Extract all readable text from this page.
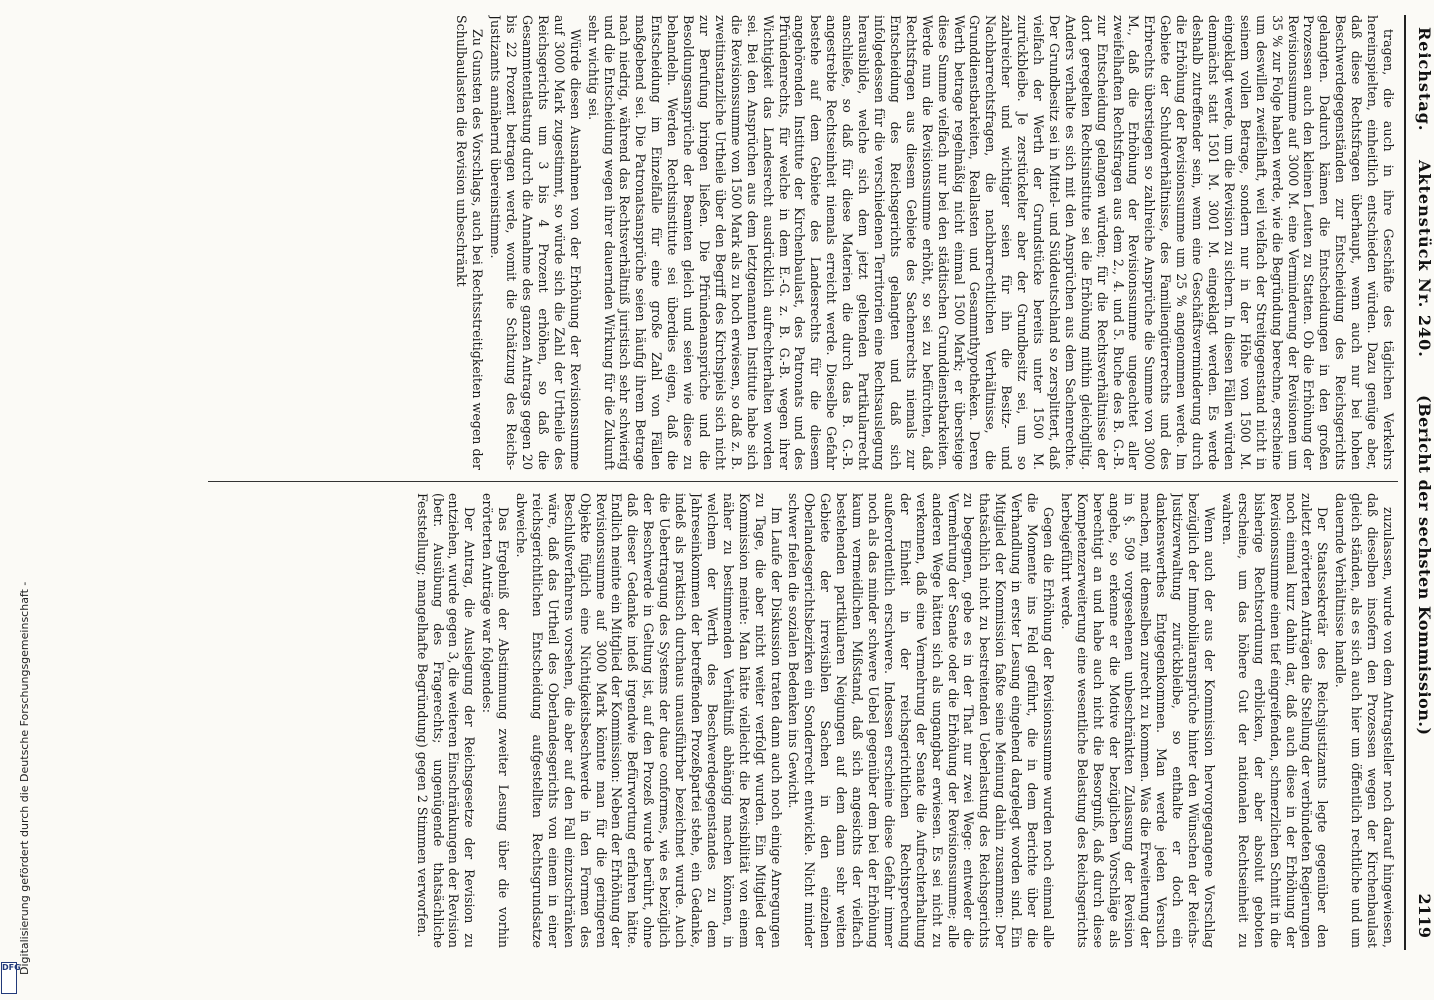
Reichstag.
Aktenstück Nr. 240.
(Bericht der sechsten Kommission.)
2119

tragen, die auch in ihre Geschäfte des täglichen Verkehrs hereinspielten, einheitlich entschieden würden. Dazu genüge aber, daß diese Rechtsfragen überhaupt, wenn auch nur bei hohen Beschwerdegegenständen zur Entscheidung des Reichsgerichts gelangten. Dadurch kämen die Entscheidungen in den großen Prozessen auch den kleinen Leuten zu Statten. Ob die Erhöhung der Revisionssumme auf 3000 M. eine Verminderung der Revisionen um 35 % zur Folge haben werde, wie die Begründung berechne, erscheine um deswillen zweifelhaft, weil vielfach der Streitgegenstand nicht in seinem vollen Betrage, sondern nur in der Höhe von 1500 M. eingeklagt werde, um die Revision zu sichern. In diesen Fällen würden demnächst statt 1501 M. 3001 M. eingeklagt werden. Es werde deshalb zutreffender sein, wenn eine Geschäftsverminderung durch die Erhöhung der Revisionssumme um 25 % angenommen werde. Im Gebiete der Schuldverhältnisse, des Familiengüterrechts und des Erbrechts überstiegen so zahlreiche Ansprüche die Summe von 3000 M., daß die Erhöhung der Revisionssumme ungeachtet aller zweifelhaften Rechtsfragen aus dem 2., 4. und 5. Buche des B. G.-B. zur Entscheidung gelangen würden; für die Rechtsverhältnisse der dort geregelten Rechtsinstitute sei die Erhöhung mithin gleichgiltig. Anders verhalte es sich mit den Ansprüchen aus dem Sachenrechte. Der Grundbesitz sei in Mittel- und Süddeutschland so zersplittert, daß vielfach der Werth der Grundstücke bereits unter 1500 M. zurückbleibe. Je zerstückelter aber der Grundbesitz sei, um so zahlreicher und wichtiger seien für ihn die Besitz- und Nachbarrechtsfragen, die nachbarrechtlichen Verhältnisse, die Grunddienstbarkeiten, Reallasten und Gesammthypotheken. Deren Werth betrage regelmäßig nicht einmal 1500 Mark; er übersteige diese Summe vielfach nur bei den städtischen Grunddienstbarkeiten. Werde nun die Revisionssumme erhöht, so sei zu befürchten, daß Rechtsfragen aus diesem Gebiete des Sachenrechts niemals zur Entscheidung des Reichsgerichts gelangten und daß sich infolgedessen für die verschiedenen Territorien eine Rechtsauslegung herausbilde, welche sich dem jetzt geltenden Partikularrecht anschließe, so daß für diese Materien die durch das B. G.-B. angestrebte Rechtseinheit niemals erreicht werde. Dieselbe Gefahr bestehe auf dem Gebiete des Landesrechts für die diesem angehörenden Institute der Kirchenbaulast, des Patronats und des Pfründenrechts, für welche in dem E.-G. z. B. G.-B. wegen ihrer Wichtigkeit das Landesrecht ausdrücklich aufrechterhalten worden sei. Bei den Ansprüchen aus dem letztgenannten Institute habe sich die Revisionssumme von 1500 Mark als zu hoch erwiesen, so daß z. B. zweitinstanzliche Urtheile über den Begriff des Kirchspiels sich nicht zur Berufung bringen ließen. Die Pfründenansprüche und die Besoldungsansprüche der Beamten gleich und seien wie diese zu behandeln. Werden Rechtsinstitute sei überdies eigen, daß die Entscheidung im Einzelfalle für eine große Zahl von Fällen maßgebend sei. Die Patronatsansprüche seien häufig ihrem Betrage nach niedrig, während das Rechtsverhältniß juristisch sehr schwierig und die Entscheidung wegen ihrer dauernden Wirkung für die Zukunft sehr wichtig sei.

Würde diesen Ausnahmen von der Erhöhung der Revisionssumme auf 3000 Mark zugestimmt, so würde sich die Zahl der Urtheile des Reichsgerichts um 3 bis 4 Prozent erhöhen, so daß die Gesammtentlastung durch die Annahme des ganzen Antrags gegen 20 bis 22 Prozent betragen werde, womit die Schätzung des Reichs-Justizamts annähernd übereinstimme.

Zu Gunsten des Vorschlags, auch bei Rechtsstreitigkeiten wegen der Schulbaulasten die Revision unbeschränkt

zuzulassen, wurde von dem Antragsteller noch darauf hingewiesen, daß dieselben insofern den Prozessen wegen der Kirchenbaulast gleich ständen, als es sich auch hier um öffentlich rechtliche und um dauernde Verhältnisse handle.

Der Staatssekretär des Reichsjustizamts legte gegenüber den zuletzt erörterten Anträgen die Stellung der verbündeten Regierungen noch einmal kurz dahin dar, daß auch diese in der Erhöhung der Revisionssumme einen tief eingreifenden, schmerzlichen Schnitt in die bisherige Rechtsordnung erblicken, der aber absolut geboten erscheine, um das höhere Gut der nationalen Rechtseinheit zu wahren.

Wenn auch der aus der Kommission hervorgegangene Vorschlag bezüglich der Immobiliaransprüche hinter den Wünschen der Reichs-Justizverwaltung zurückbleibe, so enthalte er doch ein dankenswerthes Entgegenkommen. Man werde jeden Versuch machen, mit demselben zurecht zu kommen. Was die Erweiterung der in §. 509 vorgesehenen unbeschränkten Zulassung der Revision angehe, so erkenne er die Motive der bezüglichen Vorschläge als berechtigt an und habe auch nicht die Besorgniß, daß durch diese Kompetenzerweiterung eine wesentliche Belastung des Reichsgerichts herbeigeführt werde.

Gegen die Erhöhung der Revisionssumme wurden noch einmal alle die Momente ins Feld geführt, die in dem Berichte über die Verhandlung in erster Lesung eingehend dargelegt worden sind. Ein Mitglied der Kommission faßte seine Meinung dahin zusammen: Der thatsächlich nicht zu bestreitenden Ueberlastung des Reichsgerichts zu begegnen, gebe es in der That nur zwei Wege: entweder die Vermehrung der Senate oder die Erhöhung der Revisionssumme; alle anderen Wege hätten sich als ungangbar erwiesen. Es sei nicht zu verkennen, daß eine Vermehrung der Senate die Aufrechterhaltung der Einheit in der reichsgerichtlichen Rechtsprechung außerordentlich erschwere. Indessen erscheine diese Gefahr immer noch als das minder schwere Uebel gegenüber dem bei der Erhöhung kaum vermeidlichen Mißstand, daß sich angesichts der vielfach bestehenden partikularen Neigungen auf dem dann sehr weiten Gebiete der irrevisiblen Sachen in den einzelnen Oberlandesgerichtsbezirken ein Sonderrecht entwickle. Nicht minder schwer fielen die sozialen Bedenken ins Gewicht.

Im Laufe der Diskussion traten dann auch noch einige Anregungen zu Tage, die aber nicht weiter verfolgt wurden. Ein Mitglied der Kommission meinte: Man hätte vielleicht die Revisibilität von einem näher zu bestimmenden Verhältniß abhängig machen können, in welchem der Werth des Beschwerdegegenstandes zu dem Jahreseinkommen der betreffenden Prozeßpartei stehe, ein Gedanke, indeß als praktisch durchaus unausführbar bezeichnet wurde. Auch die Uebertragung des Systems der duae conformes, wie es bezüglich der Beschwerde in Geltung ist, auf den Prozeß wurde berührt, ohne daß dieser Gedanke indeß irgendwie Befürwortung erfahren hätte. Endlich meinte ein Mitglied der Kommission: Neben der Erhöhung der Revisionssumme auf 3000 Mark könnte man für die geringeren Objekte füglich eine Nichtigkeitsbeschwerde in den Formen des Beschlußverfahrens vorsehen, die aber auf den Fall einzuschränken wäre, daß das Urtheil des Oberlandesgerichts von einem in einer reichsgerichtlichen Entscheidung aufgestellten Rechtsgrundsatze abweiche.

Das Ergebniß der Abstimmung zweiter Lesung über die vorhin erörterten Anträge war folgendes:

Der Antrag, die Auslegung der Reichsgesetze der Revision zu entziehen, wurde gegen 3, die weiteren Einschränkungen der Revision (betr. Ausübung des Fragerechts; ungenügende thatsächliche Feststellung; mangelhafte Begründung) gegen 2 Stimmen verworfen.

Digitalisierung gefördert durch die Deutsche Forschungsgemeinschaft -
DFG
